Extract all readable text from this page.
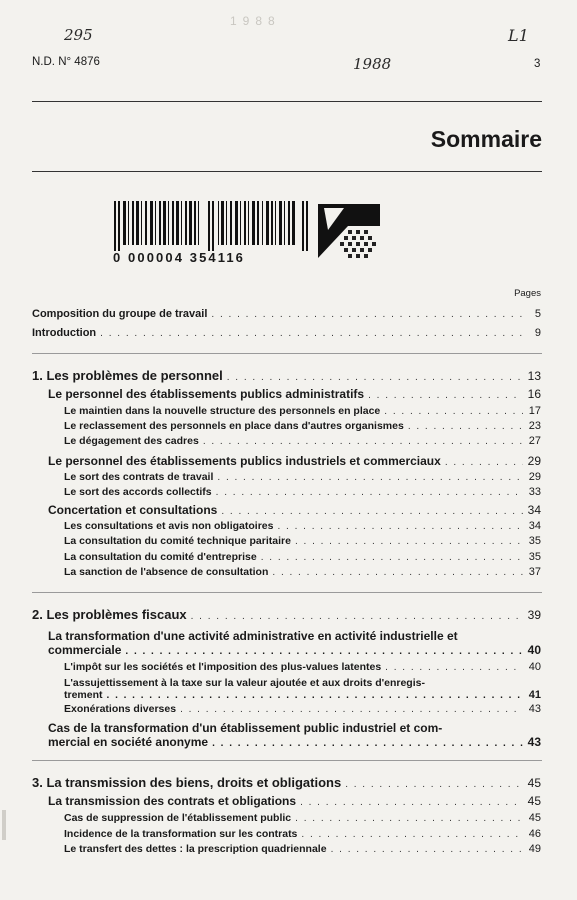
1988
295	L1
1988
N.D. N° 4876	3
Sommaire
0 000004 354116
Pages
Composition du groupe de travail . . .	5
Introduction . . .	9
1. Les problèmes de personnel . . .	13
Le personnel des établissements publics administratifs . . .	16
Le maintien dans la nouvelle structure des personnels en place . . .	17
Le reclassement des personnels en place dans d'autres organismes . . .	23
Le dégagement des cadres . . .	27
Le personnel des établissements publics industriels et commerciaux . . .	29
Le sort des contrats de travail . . .	29
Le sort des accords collectifs . . .	33
Concertation et consultations . . .	34
Les consultations et avis non obligatoires . . .	34
La consultation du comité technique paritaire . . .	35
La consultation du comité d'entreprise . . .	35
La sanction de l'absence de consultation . . .	37
2. Les problèmes fiscaux . . .	39
La transformation d'une activité administrative en activité industrielle et
commerciale . . .	40
L'impôt sur les sociétés et l'imposition des plus-values latentes . . .	40
L'assujettissement à la taxe sur la valeur ajoutée et aux droits d'enregis-
trement . . .	41
Exonérations diverses . . .	43
Cas de la transformation d'un établissement public industriel et com-
mercial en société anonyme . . .	43
3. La transmission des biens, droits et obligations . . .	45
La transmission des contrats et obligations . . .	45
Cas de suppression de l'établissement public . . .	45
Incidence de la transformation sur les contrats . . .	46
Le transfert des dettes : la prescription quadriennale . . .	49
